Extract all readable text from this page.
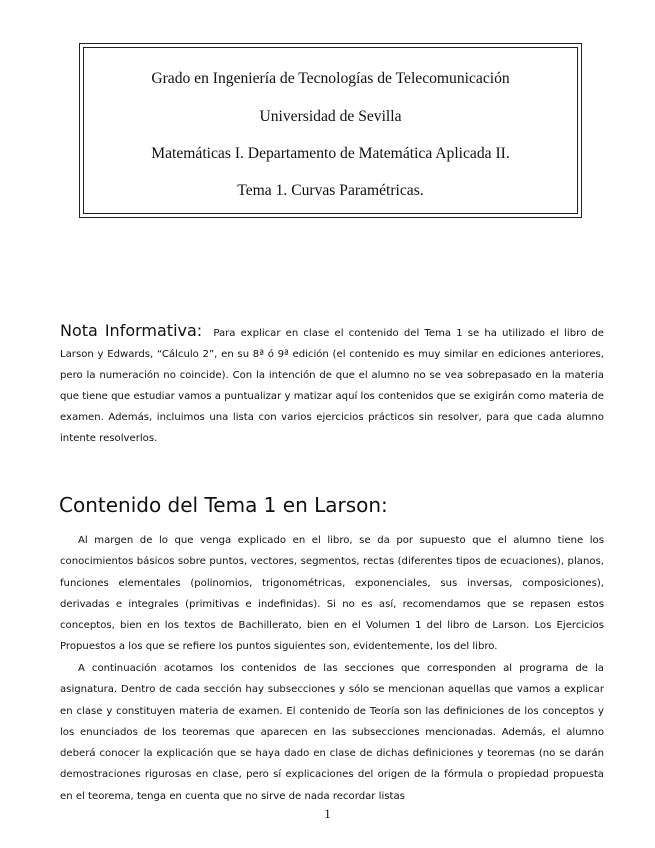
Grado en Ingeniería de Tecnologías de Telecomunicación
Universidad de Sevilla
Matemáticas I. Departamento de Matemática Aplicada II.
Tema 1. Curvas Paramétricas.

Nota Informativa: Para explicar en clase el contenido del Tema 1 se ha utilizado el libro de Larson y Edwards, “Cálculo 2”, en su 8ª ó 9ª edición (el contenido es muy similar en ediciones anteriores, pero la numeración no coincide). Con la intención de que el alumno no se vea sobrepasado en la materia que tiene que estudiar vamos a puntualizar y matizar aquí los contenidos que se exigirán como materia de examen. Además, incluimos una lista con varios ejercicios prácticos sin resolver, para que cada alumno intente resolverlos.

Contenido del Tema 1 en Larson:

Al margen de lo que venga explicado en el libro, se da por supuesto que el alumno tiene los conocimientos básicos sobre puntos, vectores, segmentos, rectas (diferentes tipos de ecuaciones), planos, funciones elementales (polinomios, trigonométricas, exponenciales, sus inversas, composiciones), derivadas e integrales (primitivas e indefinidas). Si no es así, recomendamos que se repasen estos conceptos, bien en los textos de Bachillerato, bien en el Volumen 1 del libro de Larson. Los Ejercicios Propuestos a los que se refiere los puntos siguientes son, evidentemente, los del libro.

A continuación acotamos los contenidos de las secciones que corresponden al programa de la asignatura. Dentro de cada sección hay subsecciones y sólo se mencionan aquellas que vamos a explicar en clase y constituyen materia de examen. El contenido de Teoría son las definiciones de los conceptos y los enunciados de los teoremas que aparecen en las subsecciones mencionadas. Además, el alumno deberá conocer la explicación que se haya dado en clase de dichas definiciones y teoremas (no se darán demostraciones rigurosas en clase, pero sí explicaciones del origen de la fórmula o propiedad propuesta en el teorema, tenga en cuenta que no sirve de nada recordar listas

1
